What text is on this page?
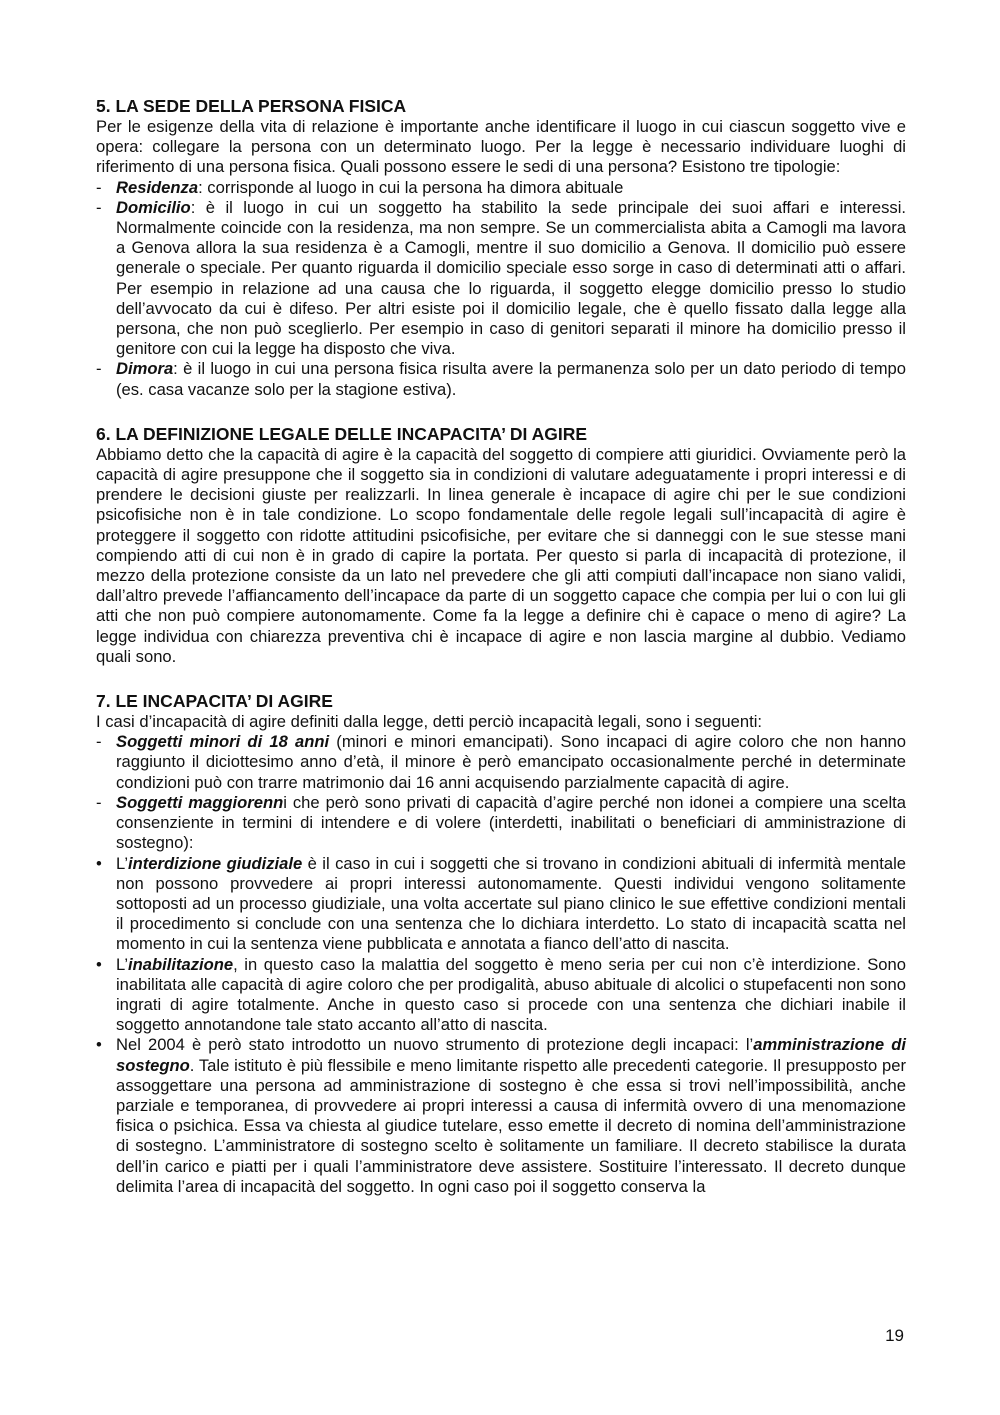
5. LA SEDE DELLA PERSONA FISICA

Per le esigenze della vita di relazione è importante anche identificare il luogo in cui ciascun soggetto vive e opera: collegare la persona con un determinato luogo. Per la legge è necessario individuare luoghi di riferimento di una persona fisica. Quali possono essere le sedi di una persona? Esistono tre tipologie:

- Residenza: corrisponde al luogo in cui la persona ha dimora abituale
- Domicilio: è il luogo in cui un soggetto ha stabilito la sede principale dei suoi affari e interessi. Normalmente coincide con la residenza, ma non sempre. Se un commercialista abita a Camogli ma lavora a Genova allora la sua residenza è a Camogli, mentre il suo domicilio a Genova. Il domicilio può essere generale o speciale. Per quanto riguarda il domicilio speciale esso sorge in caso di determinati atti o affari. Per esempio in relazione ad una causa che lo riguarda, il soggetto elegge domicilio presso lo studio dell’avvocato da cui è difeso. Per altri esiste poi il domicilio legale, che è quello fissato dalla legge alla persona, che non può sceglierlo. Per esempio in caso di genitori separati il minore ha domicilio presso il genitore con cui la legge ha disposto che viva.
- Dimora: è il luogo in cui una persona fisica risulta avere la permanenza solo per un dato periodo di tempo (es. casa vacanze solo per la stagione estiva).
6. LA DEFINIZIONE LEGALE DELLE INCAPACITA’ DI AGIRE

Abbiamo detto che la capacità di agire è la capacità del soggetto di compiere atti giuridici. Ovviamente però la capacità di agire presuppone che il soggetto sia in condizioni di valutare adeguatamente i propri interessi e di prendere le decisioni giuste per realizzarli. In linea generale è incapace di agire chi per le sue condizioni psicofisiche non è in tale condizione. Lo scopo fondamentale delle regole legali sull’incapacità di agire è proteggere il soggetto con ridotte attitudini psicofisiche, per evitare che si danneggi con le sue stesse mani compiendo atti di cui non è in grado di capire la portata. Per questo si parla di incapacità di protezione, il mezzo della protezione consiste da un lato nel prevedere che gli atti compiuti dall’incapace non siano validi, dall’altro prevede l’affiancamento dell’incapace da parte di un soggetto capace che compia per lui o con lui gli atti che non può compiere autonomamente. Come fa la legge a definire chi è capace o meno di agire? La legge individua con chiarezza preventiva chi è incapace di agire e non lascia margine al dubbio. Vediamo quali sono.

7. LE INCAPACITA’ DI AGIRE

I casi d’incapacità di agire definiti dalla legge, detti perciò incapacità legali, sono i seguenti:

- Soggetti minori di 18 anni (minori e minori emancipati). Sono incapaci di agire coloro che non hanno raggiunto il diciottesimo anno d’età, il minore è però emancipato occasionalmente perché in determinate condizioni può con trarre matrimonio dai 16 anni acquisendo parzialmente capacità di agire.
- Soggetti maggiorenni che però sono privati di capacità d’agire perché non idonei a compiere una scelta consenziente in termini di intendere e di volere (interdetti, inabilitati o beneficiari di amministrazione di sostegno):
• L’interdizione giudiziale è il caso in cui i soggetti che si trovano in condizioni abituali di infermità mentale non possono provvedere ai propri interessi autonomamente. Questi individui vengono solitamente sottoposti ad un processo giudiziale, una volta accertate sul piano clinico le sue effettive condizioni mentali il procedimento si conclude con una sentenza che lo dichiara interdetto. Lo stato di incapacità scatta nel momento in cui la sentenza viene pubblicata e annotata a fianco dell’atto di nascita.
• L’inabilitazione, in questo caso la malattia del soggetto è meno seria per cui non c’è interdizione. Sono inabilitata alle capacità di agire coloro che per prodigalità, abuso abituale di alcolici o stupefacenti non sono ingrati di agire totalmente. Anche in questo caso si procede con una sentenza che dichiari inabile il soggetto annotandone tale stato accanto all’atto di nascita.
• Nel 2004 è però stato introdotto un nuovo strumento di protezione degli incapaci: l’amministrazione di sostegno. Tale istituto è più flessibile e meno limitante rispetto alle precedenti categorie. Il presupposto per assoggettare una persona ad amministrazione di sostegno è che essa si trovi nell’impossibilità, anche parziale e temporanea, di provvedere ai propri interessi a causa di infermità ovvero di una menomazione fisica o psichica. Essa va chiesta al giudice tutelare, esso emette il decreto di nomina dell’amministrazione di sostegno. L’amministratore di sostegno scelto è solitamente un familiare. Il decreto stabilisce la durata dell’in carico e piatti per i quali l’amministratore deve assistere. Sostituire l’interessato. Il decreto dunque delimita l’area di incapacità del soggetto. In ogni caso poi il soggetto conserva la
19
